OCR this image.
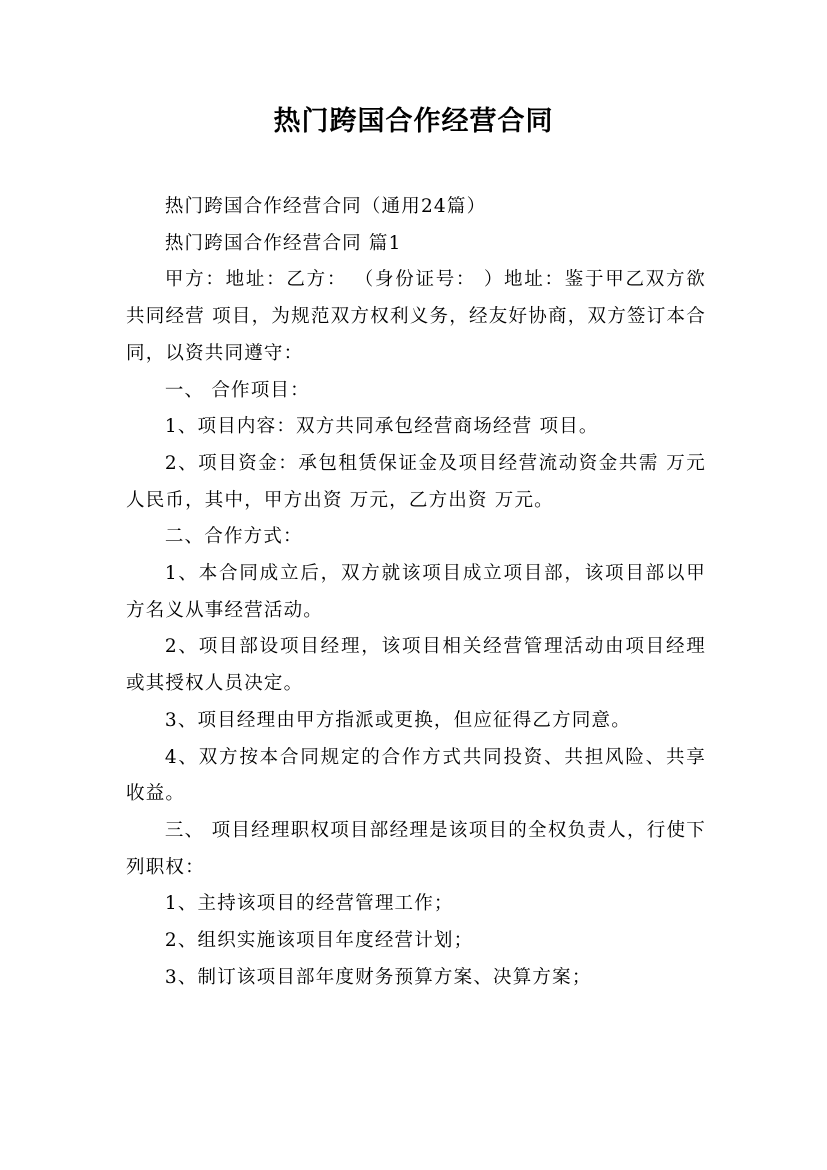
热门跨国合作经营合同

热门跨国合作经营合同（通用24篇）

热门跨国合作经营合同 篇1

甲方：地址：乙方： （身份证号： ）地址：鉴于甲乙双方欲共同经营 项目，为规范双方权利义务，经友好协商，双方签订本合同，以资共同遵守：

一、 合作项目：

1、项目内容：双方共同承包经营商场经营 项目。

2、项目资金：承包租赁保证金及项目经营流动资金共需 万元人民币，其中，甲方出资 万元，乙方出资 万元。

二、合作方式：

1、本合同成立后，双方就该项目成立项目部，该项目部以甲方名义从事经营活动。

2、项目部设项目经理，该项目相关经营管理活动由项目经理或其授权人员决定。

3、项目经理由甲方指派或更换，但应征得乙方同意。

4、双方按本合同规定的合作方式共同投资、共担风险、共享收益。

三、 项目经理职权项目部经理是该项目的全权负责人，行使下列职权：

1、主持该项目的经营管理工作；

2、组织实施该项目年度经营计划；

3、制订该项目部年度财务预算方案、决算方案；
